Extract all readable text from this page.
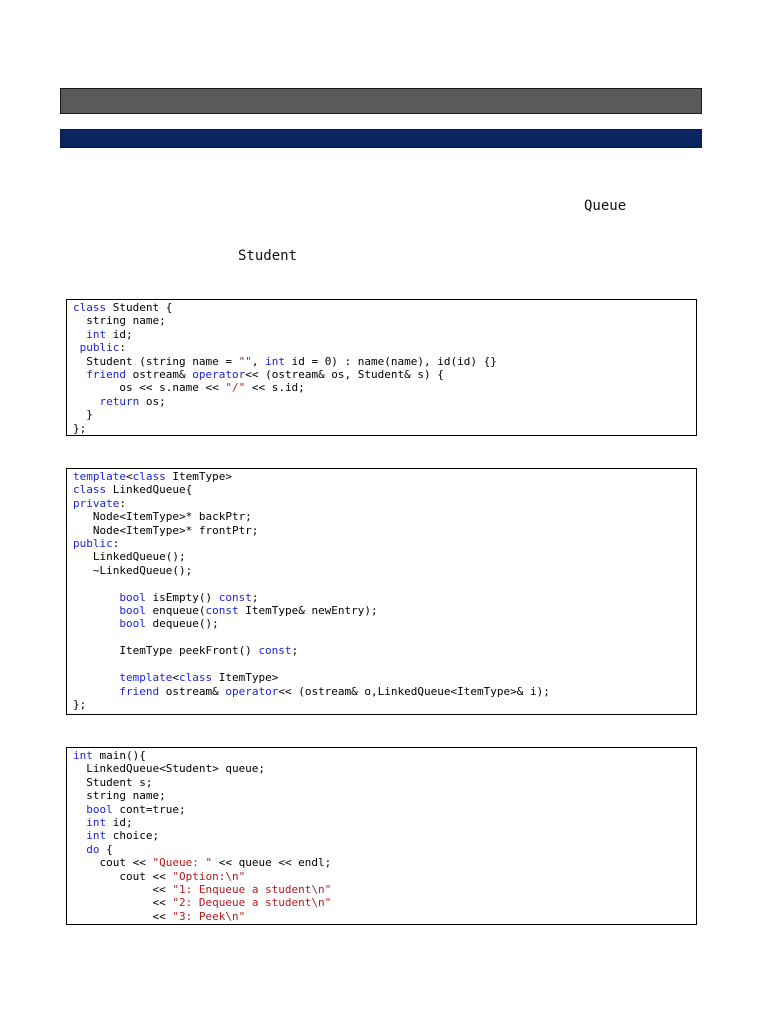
Queue
Student
class Student {
string name;
int id;
public:
Student (string name = "", int id = 0) : name(name), id(id) {}
friend ostream& operator<< (ostream& os, Student& s) {
os << s.name << "/" << s.id;
return os;
}
};
template<class ItemType>
class LinkedQueue{
private:
Node<ItemType>* backPtr;
Node<ItemType>* frontPtr;
public:
LinkedQueue();
~LinkedQueue();

bool isEmpty() const;
bool enqueue(const ItemType& newEntry);
bool dequeue();

ItemType peekFront() const;

template<class ItemType>
friend ostream& operator<< (ostream& o,LinkedQueue<ItemType>& i);
};
int main(){
LinkedQueue<Student> queue;
Student s;
string name;
bool cont=true;
int id;
int choice;
do {
cout << "Queue: " << queue << endl;
cout << "Option:\n"
<< "1: Enqueue a student\n"
<< "2: Dequeue a student\n"
<< "3: Peek\n"
